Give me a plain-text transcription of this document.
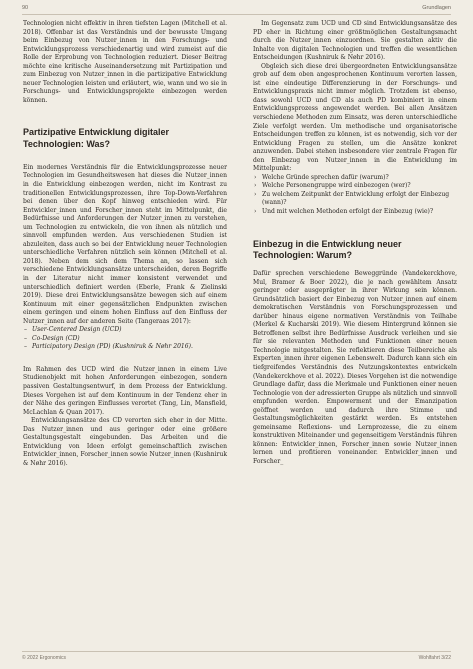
90	Grundlagen

Technologien nicht effektiv in ihren tiefsten Lagen (Mitchell et al. 2018). Offenbar ist das Verständnis und der bewusste Umgang beim Einbezug von Nutzer_innen in den Forschungs- und Entwicklungsprozess verschiedenartig und wird zumeist auf die Rolle der Erprobung von Technologien reduziert. Dieser Beitrag möchte eine kritische Auseinandersetzung mit Partizipation und zum Einbezug von Nutzer_innen in die partizipative Entwicklung neuer Technologien leisten und erläutert, wie, wann und wo sie in Forschungs- und Entwicklungsprojekte einbezogen werden können.

Partizipative Entwicklung digitaler Technologien: Was?

Ein modernes Verständnis für die Entwicklungsprozesse neuer Technologien im Gesundheitswesen hat dieses die Nutzer_innen in die Entwicklung einbezogen werden, nicht im Kontrast zu traditionellen Entwicklungsprozessen, ihre Top-Down-Verfahren bei denen über den Kopf hinweg entschieden wird. Für Entwickler_innen und Forscher_innen steht im Mittelpunkt, die Bedürfnisse und Anforderungen der Nutzer_innen zu verstehen, um Technologien zu entwickeln, die von ihnen als nützlich und sinnvoll empfunden werden. Aus verschiedenen Studien ist abzuleiten, dass auch so bei der Entwicklung neuer Technologien unterschiedliche Verfahren nützlich sein können (Mitchell et al. 2018). Neben dem sich dem Thema an, so lassen sich verschiedene Entwicklungsansätze unterscheiden, deren Begriffe in der Literatur nicht immer konsistent verwendet und unterschiedlich definiert werden (Eberle, Frank & Zielinski 2019). Diese drei Entwicklungsansätze bewegen sich auf einem Kontinuum mit einer gegensätzlichen Endpunkten zwischen einem geringen und einem hohen Einfluss auf den Einfluss der Nutzer_innen auf der anderen Seite (Tangeraas 2017):

– User-Centered Design (UCD)
– Co-Design (CD)
– Participatory Design (PD) (Kushniruk & Nøhr 2016).

Im Rahmen des UCD wird die Nutzer_innen in einem Live Studienobjekt mit hohen Anforderungen einbezogen, sondern passiven Gestaltungsentwurf, in dem Prozess der Entwicklung. Dieses Vorgehen ist auf dem Kontinuum in der Tendenz eher in der Nähe des geringen Einflusses verortet (Tang, Lin, Mansfield, McLachlan & Quan 2017).

Entwicklungsansätze des CD verorten sich eher in der Mitte. Das Nutzer_innen und aus geringer oder eine größere Gestaltungsgestalt eingebunden. Das Arbeiten und die Entwicklung von Ideen erfolgt gemeinschaftlich zwischen Entwickler_innen, Forscher_innen sowie Nutzer_innen (Kushniruk & Nøhr 2016).

Im Gegensatz zum UCD und CD sind Entwicklungsansätze des PD eher in Richtung einer größtmöglichen Gestaltungsmacht durch die Nutzer_innen einzuordnen. Sie gestalten aktiv die Inhalte von digitalen Technologien und treffen die wesentlichen Entscheidungen (Kushniruk & Nøhr 2016).

Obgleich sich diese drei übergeordneten Entwicklungsansätze grob auf dem oben angesprochenen Kontinuum verorten lassen, ist eine eindeutige Differenzierung in der Forschungs- und Entwicklungspraxis nicht immer möglich. Trotzdem ist ebenso, dass sowohl UCD und CD als auch PD kombiniert in einem Entwicklungsprozess angewendet werden. Bei allen Ansätzen verschiedene Methoden zum Einsatz, was deren unterschiedliche Ziele verfolgt werden. Um methodische und organisatorische Entscheidungen treffen zu können, ist es notwendig, sich vor der Entwicklung Fragen zu stellen, um die Ansätze konkret anzuwenden. Dabei stehen insbesondere vier zentrale Fragen für den Einbezug von Nutzer_innen in die Entwicklung im Mittelpunkt:

› Welche Gründe sprechen dafür (warum)?
› Welche Personengruppe wird einbezogen (wer)?
› Zu welchem Zeitpunkt der Entwicklung erfolgt der Einbezug (wann)?
› Und mit welchen Methoden erfolgt der Einbezug (wie)?
Einbezug in die Entwicklung neuer Technologien: Warum?

Dafür sprechen verschiedene Beweggründe (Vandekerckhove, Mul, Bramer & Boer 2022), die je nach gewähltem Ansatz geringer oder ausgeprägter in ihrer Wirkung sein können. Grundsätzlich basiert der Einbezug von Nutzer_innen auf einem demokratischen Verständnis von Forschungsprozessen und darüber hinaus eigene normativen Verständnis von Teilhabe (Merkel & Kucharski 2019). Wie diesem Hintergrund können sie Betroffenen selbst ihre Bedürfnisse Ausdruck verleihen und sie für sie relevanten Methoden und Funktionen einer neuen Technologie mitgestalten. Sie reflektieren diese Teilbereiche als Experten_innen ihrer eigenen Lebenswelt. Dadurch kann sich ein tiefgreifendes Verständnis des Nutzungskontextes entwickeln (Vandekerckhove et al. 2022). Dieses Vorgehen ist die notwendige Grundlage dafür, dass die Merkmale und Funktionen einer neuen Technologie von der adressierten Gruppe als nützlich und sinnvoll empfunden werden. Empowerment und der Emanzipation geöffnet werden und dadurch ihre Stimme und Gestaltungsmöglichkeiten gestärkt werden. Es entstehen gemeinsame Reflexions- und Lernprozesse, die zu einem konstruktiven Miteinander und gegenseitigem Verständnis führen können: Entwickler_innen, Forscher_innen sowie Nutzer_innen lernen und profitieren voneinander. Entwickler_innen und Forscher_

© 2022 Ergonomics	Wohlfahrt 3/22
